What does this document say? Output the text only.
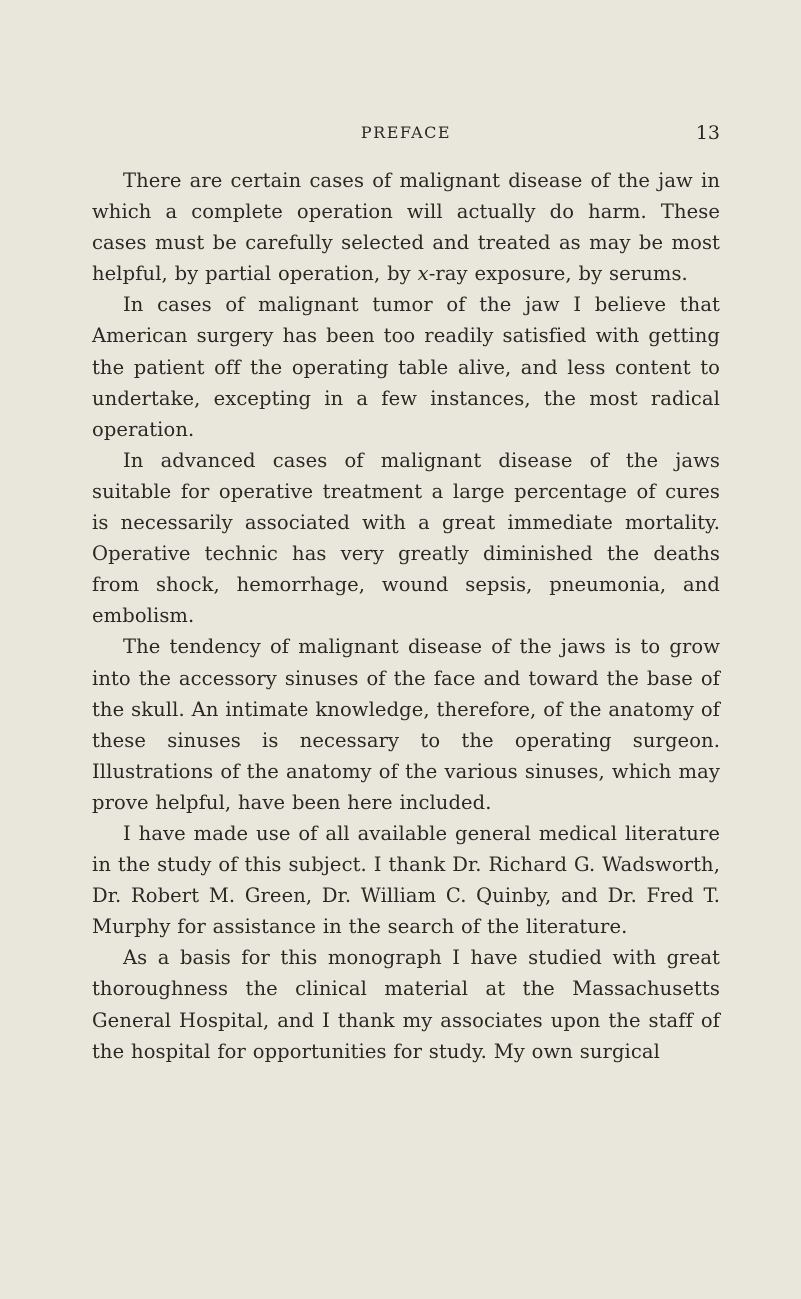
PREFACE	13

There are certain cases of malignant disease of the jaw in which a complete operation will actually do harm. These cases must be carefully selected and treated as may be most helpful, by partial operation, by x-ray exposure, by serums.

In cases of malignant tumor of the jaw I believe that American surgery has been too readily satisfied with getting the patient off the operating table alive, and less content to undertake, excepting in a few instances, the most radical operation.

In advanced cases of malignant disease of the jaws suitable for operative treatment a large percentage of cures is necessarily associated with a great immediate mortality. Operative technic has very greatly diminished the deaths from shock, hemorrhage, wound sepsis, pneumonia, and embolism.

The tendency of malignant disease of the jaws is to grow into the accessory sinuses of the face and toward the base of the skull. An intimate knowledge, therefore, of the anatomy of these sinuses is necessary to the operating surgeon. Illustrations of the anatomy of the various sinuses, which may prove helpful, have been here included.

I have made use of all available general medical literature in the study of this subject. I thank Dr. Richard G. Wadsworth, Dr. Robert M. Green, Dr. William C. Quinby, and Dr. Fred T. Murphy for assistance in the search of the literature.

As a basis for this monograph I have studied with great thoroughness the clinical material at the Massachusetts General Hospital, and I thank my associates upon the staff of the hospital for opportunities for study. My own surgical
